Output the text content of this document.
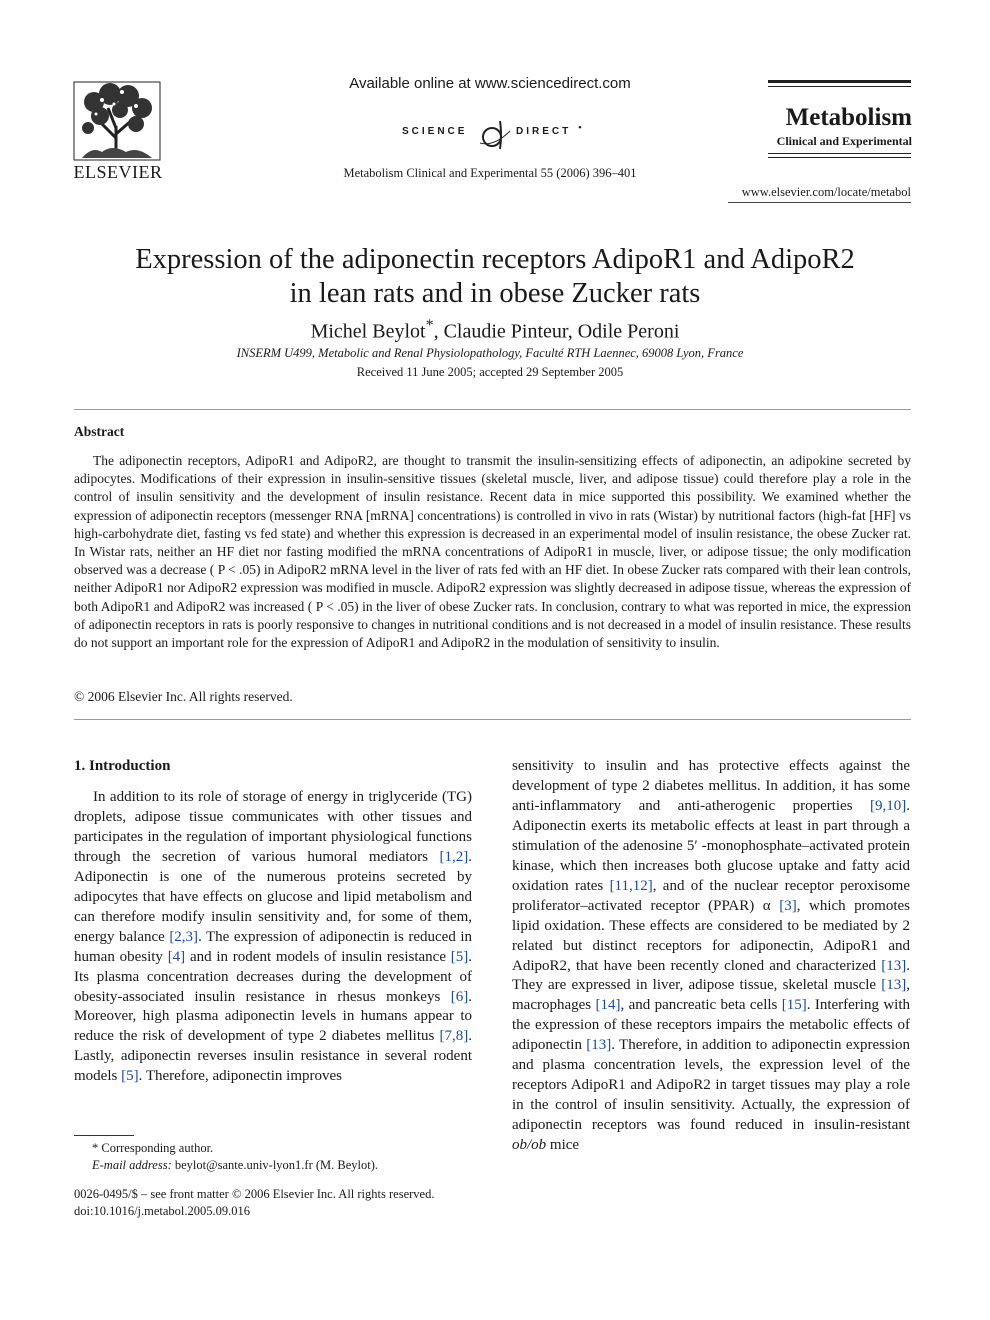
ELSEVIER
Available online at www.sciencedirect.com
SCIENCE	DIRECT •
Metabolism Clinical and Experimental 55 (2006) 396–401
Metabolism
Clinical and Experimental
www.elsevier.com/locate/metabol
Expression of the adiponectin receptors AdipoR1 and AdipoR2
in lean rats and in obese Zucker rats
Michel Beylot*, Claudie Pinteur, Odile Peroni
INSERM U499, Metabolic and Renal Physiolopathology, Faculté RTH Laennec, 69008 Lyon, France
Received 11 June 2005; accepted 29 September 2005
Abstract

The adiponectin receptors, AdipoR1 and AdipoR2, are thought to transmit the insulin-sensitizing effects of adiponectin, an adipokine secreted by adipocytes. Modifications of their expression in insulin-sensitive tissues (skeletal muscle, liver, and adipose tissue) could therefore play a role in the control of insulin sensitivity and the development of insulin resistance. Recent data in mice supported this possibility. We examined whether the expression of adiponectin receptors (messenger RNA [mRNA] concentrations) is controlled in vivo in rats (Wistar) by nutritional factors (high-fat [HF] vs high-carbohydrate diet, fasting vs fed state) and whether this expression is decreased in an experimental model of insulin resistance, the obese Zucker rat. In Wistar rats, neither an HF diet nor fasting modified the mRNA concentrations of AdipoR1 in muscle, liver, or adipose tissue; the only modification observed was a decrease ( P < .05) in AdipoR2 mRNA level in the liver of rats fed with an HF diet. In obese Zucker rats compared with their lean controls, neither AdipoR1 nor AdipoR2 expression was modified in muscle. AdipoR2 expression was slightly decreased in adipose tissue, whereas the expression of both AdipoR1 and AdipoR2 was increased ( P < .05) in the liver of obese Zucker rats. In conclusion, contrary to what was reported in mice, the expression of adiponectin receptors in rats is poorly responsive to changes in nutritional conditions and is not decreased in a model of insulin resistance. These results do not support an important role for the expression of AdipoR1 and AdipoR2 in the modulation of sensitivity to insulin.

© 2006 Elsevier Inc. All rights reserved.
1. Introduction

In addition to its role of storage of energy in triglyceride (TG) droplets, adipose tissue communicates with other tissues and participates in the regulation of important physiological functions through the secretion of various humoral mediators [1,2]. Adiponectin is one of the numerous proteins secreted by adipocytes that have effects on glucose and lipid metabolism and can therefore modify insulin sensitivity and, for some of them, energy balance [2,3]. The expression of adiponectin is reduced in human obesity [4] and in rodent models of insulin resistance [5]. Its plasma concentration decreases during the development of obesity-associated insulin resistance in rhesus monkeys [6]. Moreover, high plasma adiponectin levels in humans appear to reduce the risk of development of type 2 diabetes mellitus [7,8]. Lastly, adiponectin reverses insulin resistance in several rodent models [5]. Therefore, adiponectin improves

sensitivity to insulin and has protective effects against the development of type 2 diabetes mellitus. In addition, it has some anti-inflammatory and anti-atherogenic properties [9,10]. Adiponectin exerts its metabolic effects at least in part through a stimulation of the adenosine 5′ -monophosphate–activated protein kinase, which then increases both glucose uptake and fatty acid oxidation rates [11,12], and of the nuclear receptor peroxisome proliferator–activated receptor (PPAR) α [3], which promotes lipid oxidation. These effects are considered to be mediated by 2 related but distinct receptors for adiponectin, AdipoR1 and AdipoR2, that have been recently cloned and characterized [13]. They are expressed in liver, adipose tissue, skeletal muscle [13], macrophages [14], and pancreatic beta cells [15]. Interfering with the expression of these receptors impairs the metabolic effects of adiponectin [13]. Therefore, in addition to adiponectin expression and plasma concentration levels, the expression level of the receptors AdipoR1 and AdipoR2 in target tissues may play a role in the control of insulin sensitivity. Actually, the expression of adiponectin receptors was found reduced in insulin-resistant ob/ob mice

* Corresponding author.
E-mail address: beylot@sante.univ-lyon1.fr (M. Beylot).
0026-0495/$ – see front matter © 2006 Elsevier Inc. All rights reserved.
doi:10.1016/j.metabol.2005.09.016
